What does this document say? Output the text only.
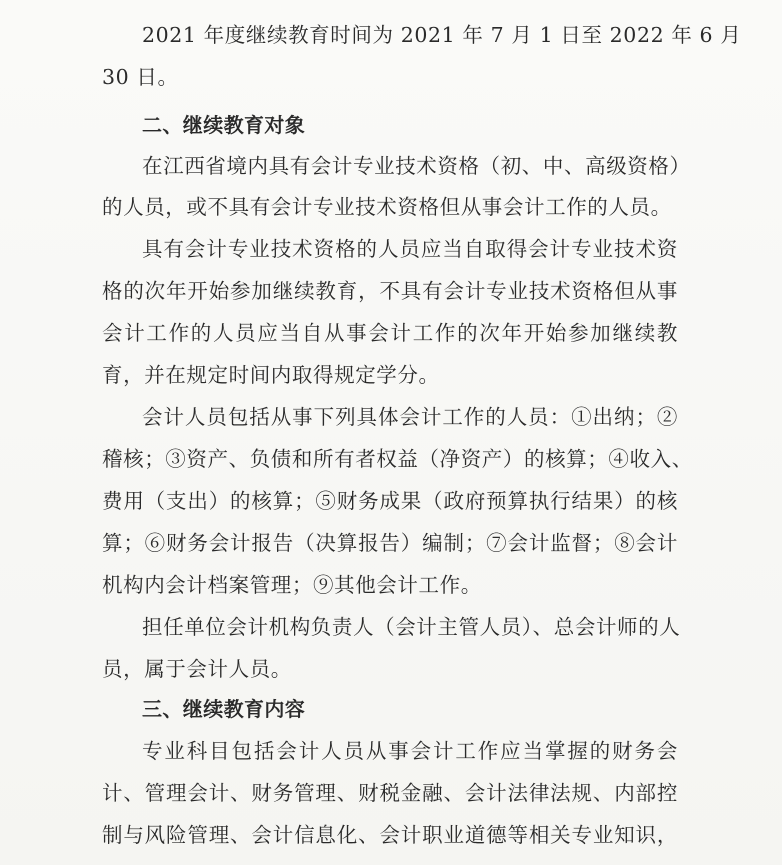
2021 年度继续教育时间为 2021 年 7 月 1 日至 2022 年 6 月
30 日。
二、继续教育对象
在江西省境内具有会计专业技术资格（初、中、高级资格）
的人员，或不具有会计专业技术资格但从事会计工作的人员。
具有会计专业技术资格的人员应当自取得会计专业技术资
格的次年开始参加继续教育，不具有会计专业技术资格但从事
会计工作的人员应当自从事会计工作的次年开始参加继续教
育，并在规定时间内取得规定学分。
会计人员包括从事下列具体会计工作的人员：①出纳；②
稽核；③资产、负债和所有者权益（净资产）的核算；④收入、
费用（支出）的核算；⑤财务成果（政府预算执行结果）的核
算；⑥财务会计报告（决算报告）编制；⑦会计监督；⑧会计
机构内会计档案管理；⑨其他会计工作。
担任单位会计机构负责人（会计主管人员）、总会计师的人
员，属于会计人员。
三、继续教育内容
专业科目包括会计人员从事会计工作应当掌握的财务会
计、管理会计、财务管理、财税金融、会计法律法规、内部控
制与风险管理、会计信息化、会计职业道德等相关专业知识，
